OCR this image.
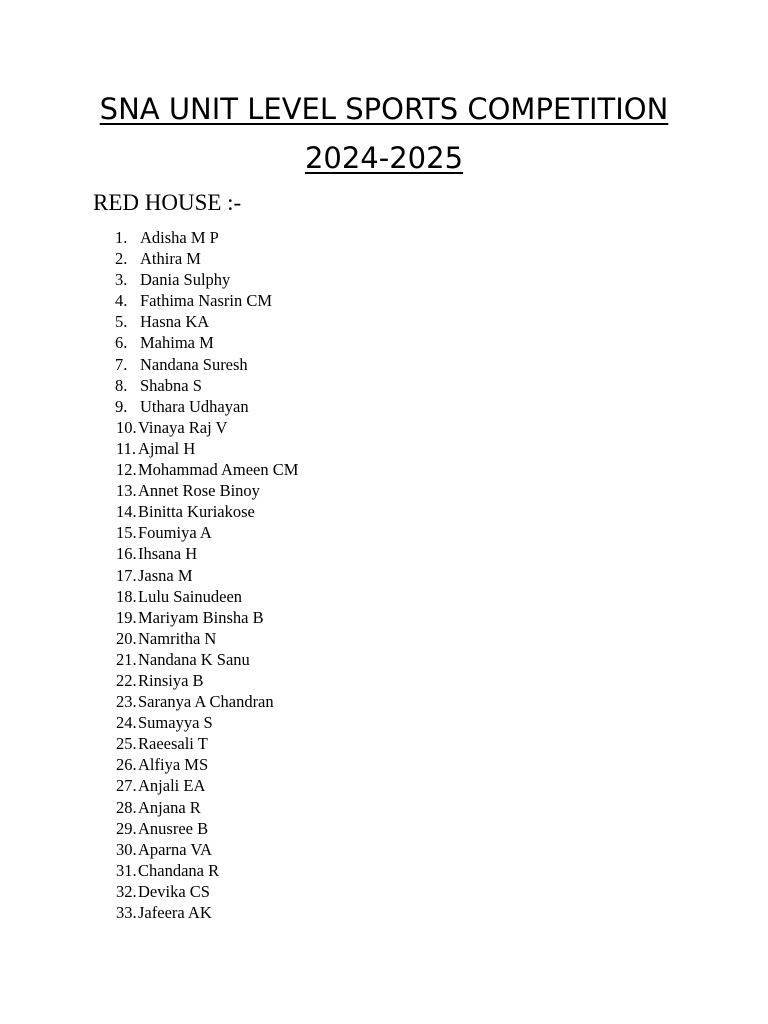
SNA UNIT LEVEL SPORTS COMPETITION
2024-2025
RED HOUSE :-
1. Adisha M P
2. Athira M
3. Dania Sulphy
4. Fathima Nasrin CM
5. Hasna KA
6. Mahima M
7. Nandana Suresh
8. Shabna S
9. Uthara Udhayan
10. Vinaya Raj V
11. Ajmal H
12. Mohammad Ameen CM
13. Annet Rose Binoy
14. Binitta Kuriakose
15. Foumiya A
16. Ihsana H
17. Jasna M
18. Lulu Sainudeen
19. Mariyam Binsha B
20. Namritha N
21. Nandana K Sanu
22. Rinsiya B
23. Saranya A Chandran
24. Sumayya S
25. Raeesali T
26. Alfiya MS
27. Anjali EA
28. Anjana R
29. Anusree B
30. Aparna VA
31. Chandana R
32. Devika CS
33. Jafeera AK
